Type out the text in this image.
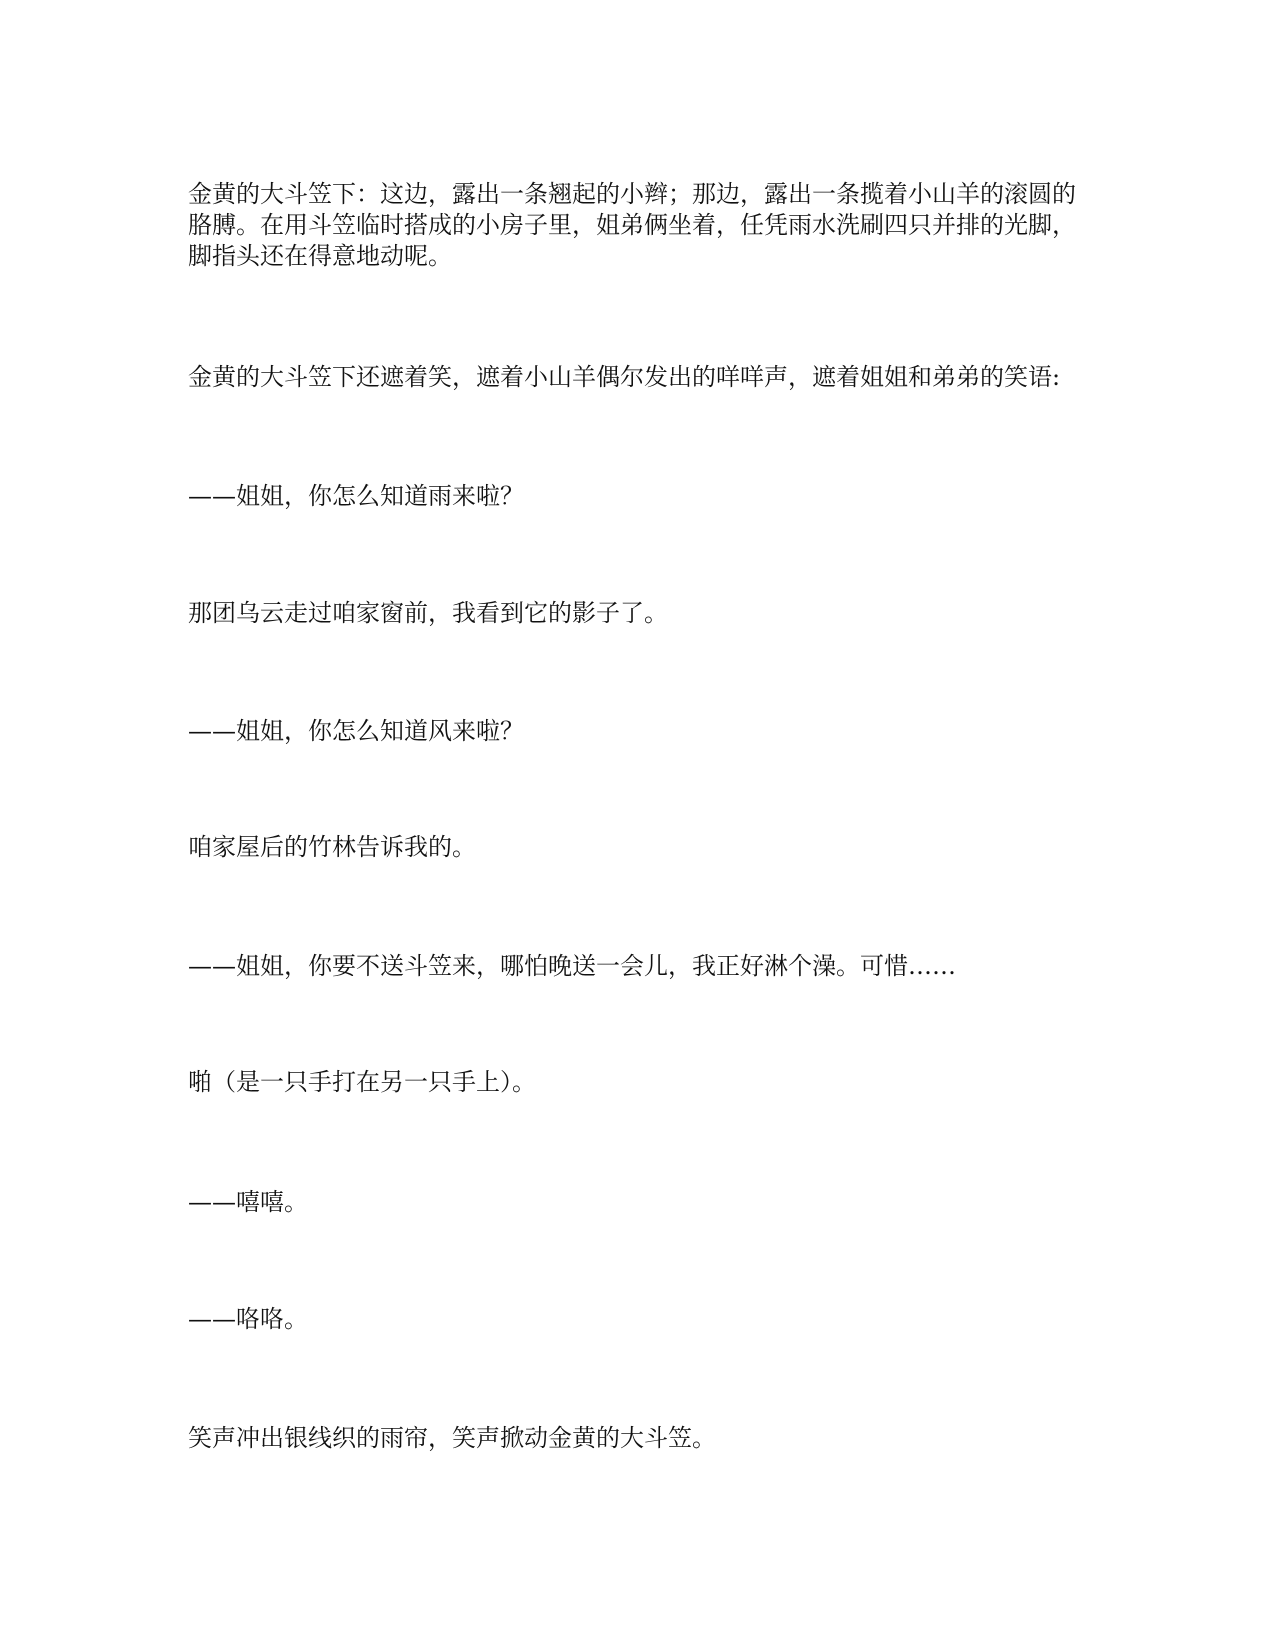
金黄的大斗笠下：这边，露出一条翘起的小辫；那边，露出一条揽着小山羊的滚圆的胳膊。在用斗笠临时搭成的小房子里，姐弟俩坐着，任凭雨水洗刷四只并排的光脚，脚指头还在得意地动呢。

金黄的大斗笠下还遮着笑，遮着小山羊偶尔发出的咩咩声，遮着姐姐和弟弟的笑语:

——姐姐，你怎么知道雨来啦？

那团乌云走过咱家窗前，我看到它的影子了。

——姐姐，你怎么知道风来啦？

咱家屋后的竹林告诉我的。

——姐姐，你要不送斗笠来，哪怕晚送一会儿，我正好淋个澡。可惜……

啪（是一只手打在另一只手上）。

——嘻嘻。

——咯咯。

笑声冲出银线织的雨帘，笑声掀动金黄的大斗笠。
